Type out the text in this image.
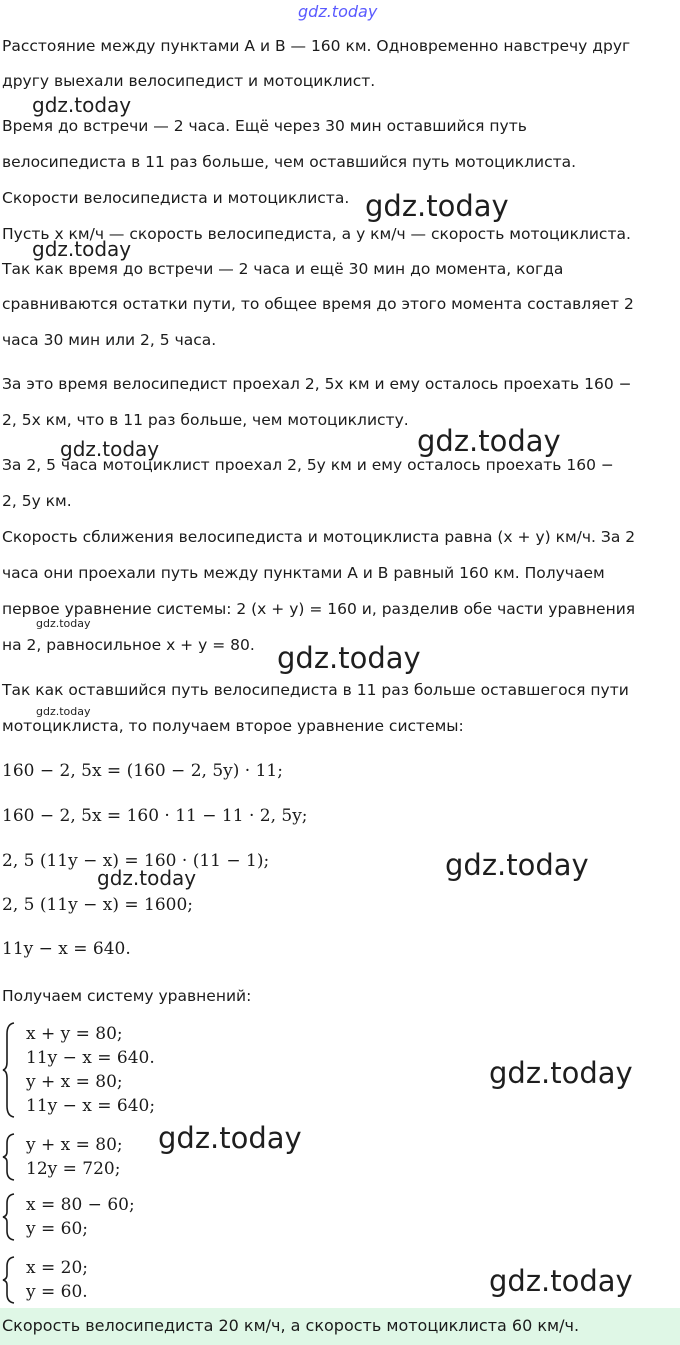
gdz.today
Расстояние между пунктами A и B — 160 км. Одновременно навстречу друг
другу выехали велосипедист и мотоциклист.
Время до встречи — 2 часа. Ещё через 30 мин оставшийся путь
велосипедиста в 11 раз больше, чем оставшийся путь мотоциклиста.
Скорости велосипедиста и мотоциклиста.
Пусть x км/ч — скорость велосипедиста, а y км/ч — скорость мотоциклиста.
Так как время до встречи — 2 часа и ещё 30 мин до момента, когда
сравниваются остатки пути, то общее время до этого момента составляет 2
часа 30 мин или 2, 5 часа.
За это время велосипедист проехал 2, 5x км и ему осталось проехать 160 −
2, 5x км, что в 11 раз больше, чем мотоциклисту.
За 2, 5 часа мотоциклист проехал 2, 5y км и ему осталось проехать 160 −
2, 5y км.
Скорость сближения велосипедиста и мотоциклиста равна (x + y) км/ч. За 2
часа они проехали путь между пунктами A и B равный 160 км. Получаем
первое уравнение системы: 2 (x + y) = 160 и, разделив обе части уравнения
на 2, равносильное x + y = 80.
Так как оставшийся путь велосипедиста в 11 раз больше оставшегося пути
мотоциклиста, то получаем второе уравнение системы:
160 − 2, 5x = (160 − 2, 5y) · 11;
160 − 2, 5x = 160 · 11 − 11 · 2, 5y;
2, 5 (11y − x) = 160 · (11 − 1);
2, 5 (11y − x) = 1600;
11y − x = 640.
Получаем систему уравнений:
x + y = 80;
11y − x = 640.
y + x = 80;
11y − x = 640;
y + x = 80;
12y = 720;
x = 80 − 60;
y = 60;
x = 20;
y = 60.
Скорость велосипедиста 20 км/ч, а скорость мотоциклиста 60 км/ч.
gdz.today
gdz.today
gdz.today
gdz.today	gdz.today
gdz.today
gdz.today
gdz.today
gdz.today
gdz.today
gdz.today
gdz.today
gdz.today
